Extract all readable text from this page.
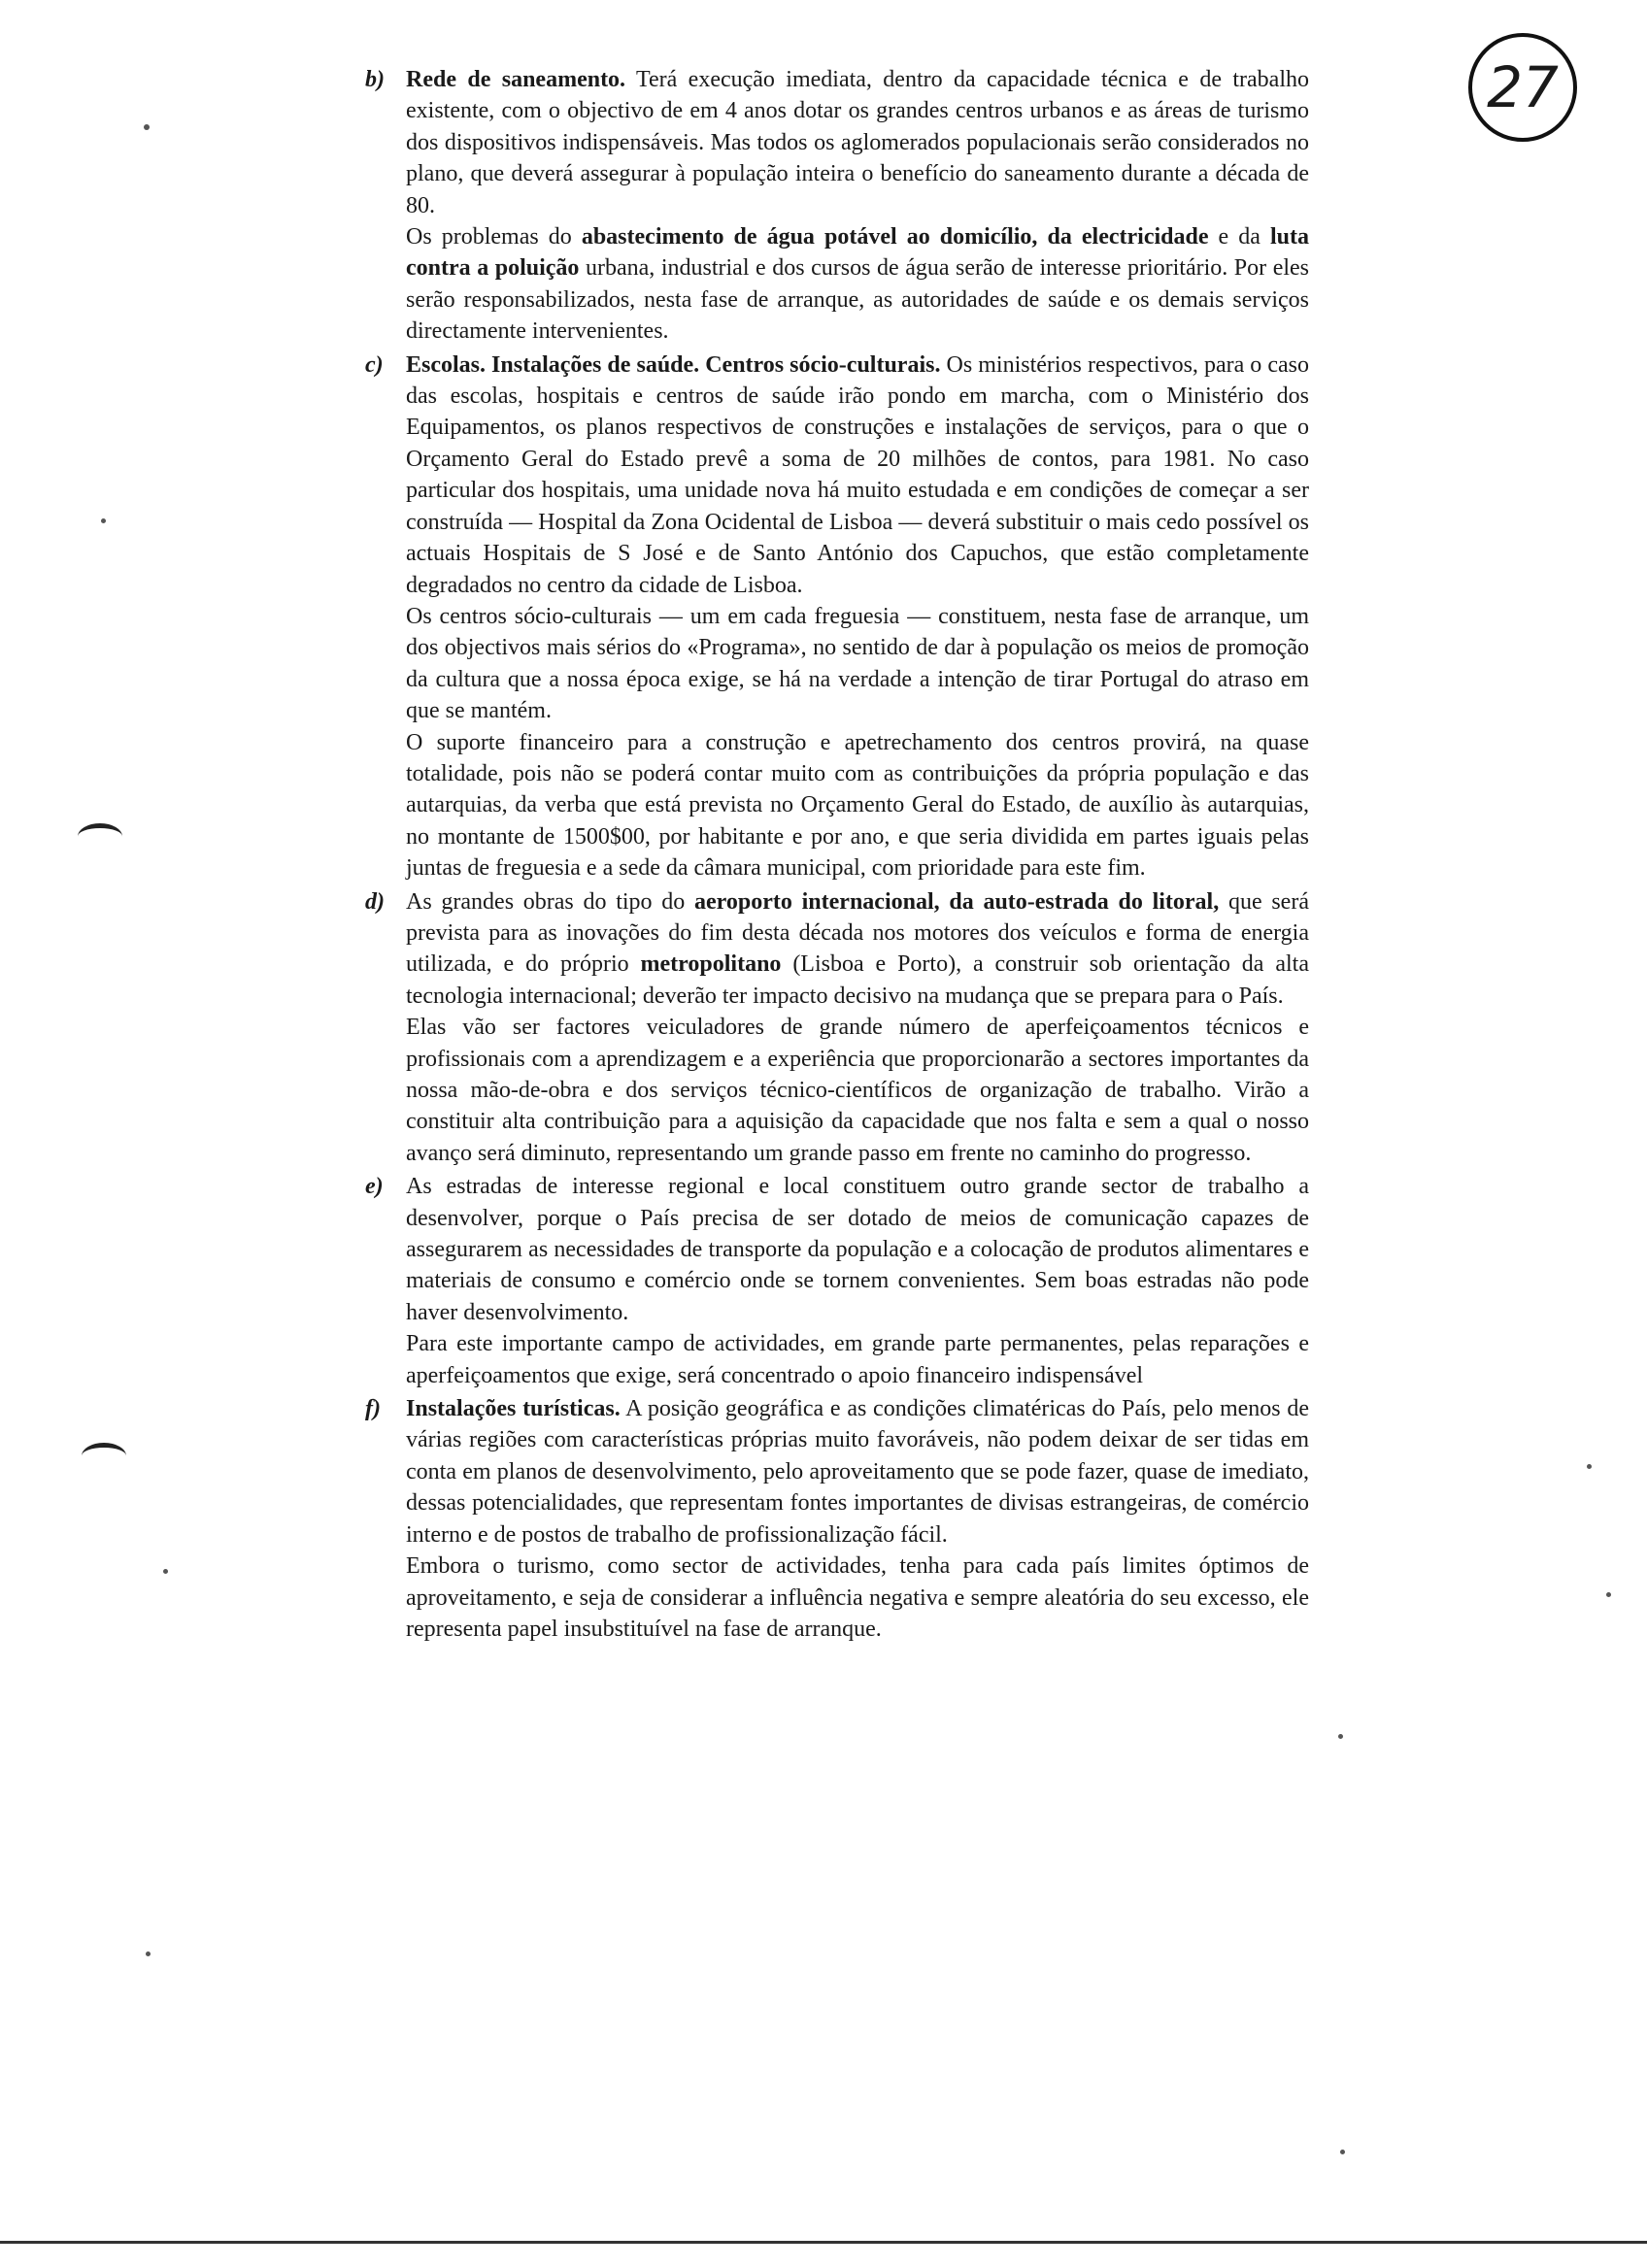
27
b) Rede de saneamento. Terá execução imediata, dentro da capacidade técnica e de trabalho existente, com o objectivo de em 4 anos dotar os grandes centros urbanos e as áreas de turismo dos dispositivos indispensáveis. Mas todos os aglomerados populacionais serão considerados no plano, que deverá assegurar à população inteira o benefício do saneamento durante a década de 80.

Os problemas do abastecimento de água potável ao domicílio, da electricidade e da luta contra a poluição urbana, industrial e dos cursos de água serão de interesse prioritário. Por eles serão responsabilizados, nesta fase de arranque, as autoridades de saúde e os demais serviços directamente intervenientes.

c) Escolas. Instalações de saúde. Centros sócio-culturais. Os ministérios respectivos, para o caso das escolas, hospitais e centros de saúde irão pondo em marcha, com o Ministério dos Equipamentos, os planos respectivos de construções e instalações de serviços, para o que o Orçamento Geral do Estado prevê a soma de 20 milhões de contos, para 1981. No caso particular dos hospitais, uma unidade nova há muito estudada e em condições de começar a ser construída — Hospital da Zona Ocidental de Lisboa — deverá substituir o mais cedo possível os actuais Hospitais de S José e de Santo António dos Capuchos, que estão completamente degradados no centro da cidade de Lisboa.

Os centros sócio-culturais — um em cada freguesia — constituem, nesta fase de arranque, um dos objectivos mais sérios do «Programa», no sentido de dar à população os meios de promoção da cultura que a nossa época exige, se há na verdade a intenção de tirar Portugal do atraso em que se mantém.

O suporte financeiro para a construção e apetrechamento dos centros provirá, na quase totalidade, pois não se poderá contar muito com as contribuições da própria população e das autarquias, da verba que está prevista no Orçamento Geral do Estado, de auxílio às autarquias, no montante de 1500$00, por habitante e por ano, e que seria dividida em partes iguais pelas juntas de freguesia e a sede da câmara municipal, com prioridade para este fim.

d) As grandes obras do tipo do aeroporto internacional, da auto-estrada do litoral, que será prevista para as inovações do fim desta década nos motores dos veículos e forma de energia utilizada, e do próprio metropolitano (Lisboa e Porto), a construir sob orientação da alta tecnologia internacional; deverão ter impacto decisivo na mudança que se prepara para o País.

Elas vão ser factores veiculadores de grande número de aperfeiçoamentos técnicos e profissionais com a aprendizagem e a experiência que proporcionarão a sectores importantes da nossa mão-de-obra e dos serviços técnico-científicos de organização de trabalho. Virão a constituir alta contribuição para a aquisição da capacidade que nos falta e sem a qual o nosso avanço será diminuto, representando um grande passo em frente no caminho do progresso.

e) As estradas de interesse regional e local constituem outro grande sector de trabalho a desenvolver, porque o País precisa de ser dotado de meios de comunicação capazes de assegurarem as necessidades de transporte da população e a colocação de produtos alimentares e materiais de consumo e comércio onde se tornem convenientes. Sem boas estradas não pode haver desenvolvimento.

Para este importante campo de actividades, em grande parte permanentes, pelas reparações e aperfeiçoamentos que exige, será concentrado o apoio financeiro indispensável

f) Instalações turísticas. A posição geográfica e as condições climatéricas do País, pelo menos de várias regiões com características próprias muito favoráveis, não podem deixar de ser tidas em conta em planos de desenvolvimento, pelo aproveitamento que se pode fazer, quase de imediato, dessas potencialidades, que representam fontes importantes de divisas estrangeiras, de comércio interno e de postos de trabalho de profissionalização fácil.

Embora o turismo, como sector de actividades, tenha para cada país limites óptimos de aproveitamento, e seja de considerar a influência negativa e sempre aleatória do seu excesso, ele representa papel insubstituível na fase de arranque.
